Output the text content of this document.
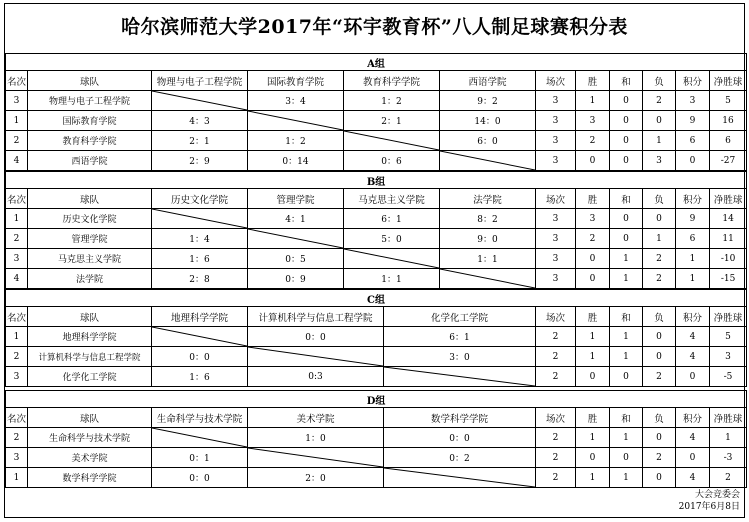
哈尔滨师范大学2017年“环宇教育杯”八人制足球赛积分表
A组											
名次	球队	物理与电子工程学院	国际教育学院	教育科学学院	西语学院	场次	胜	和	负	积分	净胜球
3	物理与电子工程学院		3：4	1：2	9：2	3	1	0	2	3	5
1	国际教育学院	4：3		2：1	14：0	3	3	0	0	9	16
2	教育科学学院	2：1	1：2		6：0	3	2	0	1	6	6
4	西语学院	2：9	0：14	0：6		3	0	0	3	0	-27
B组											
名次	球队	历史文化学院	管理学院	马克思主义学院	法学院	场次	胜	和	负	积分	净胜球
1	历史文化学院		4：1	6：1	8：2	3	3	0	0	9	14
2	管理学院	1：4		5：0	9：0	3	2	0	1	6	11
3	马克思主义学院	1：6	0：5		1：1	3	0	1	2	1	-10
4	法学院	2：8	0：9	1：1		3	0	1	2	1	-15
C组										
名次	球队	地理科学学院	计算机科学与信息工程学院	化学化工学院	场次	胜	和	负	积分	净胜球
1	地理科学学院		0：0	6：1	2	1	1	0	4	5
2	计算机科学与信息工程学院	0：0		3：0	2	1	1	0	4	3
3	化学化工学院	1：6	0:3		2	0	0	2	0	-5
D组										
名次	球队	生命科学与技术学院	美术学院	数学科学学院	场次	胜	和	负	积分	净胜球
2	生命科学与技术学院		1：0	0：0	2	1	1	0	4	1
3	美术学院	0：1		0：2	2	0	0	2	0	-3
1	数学科学学院	0：0	2：0		2	1	1	0	4	2
大会竞委会
2017年6月8日
